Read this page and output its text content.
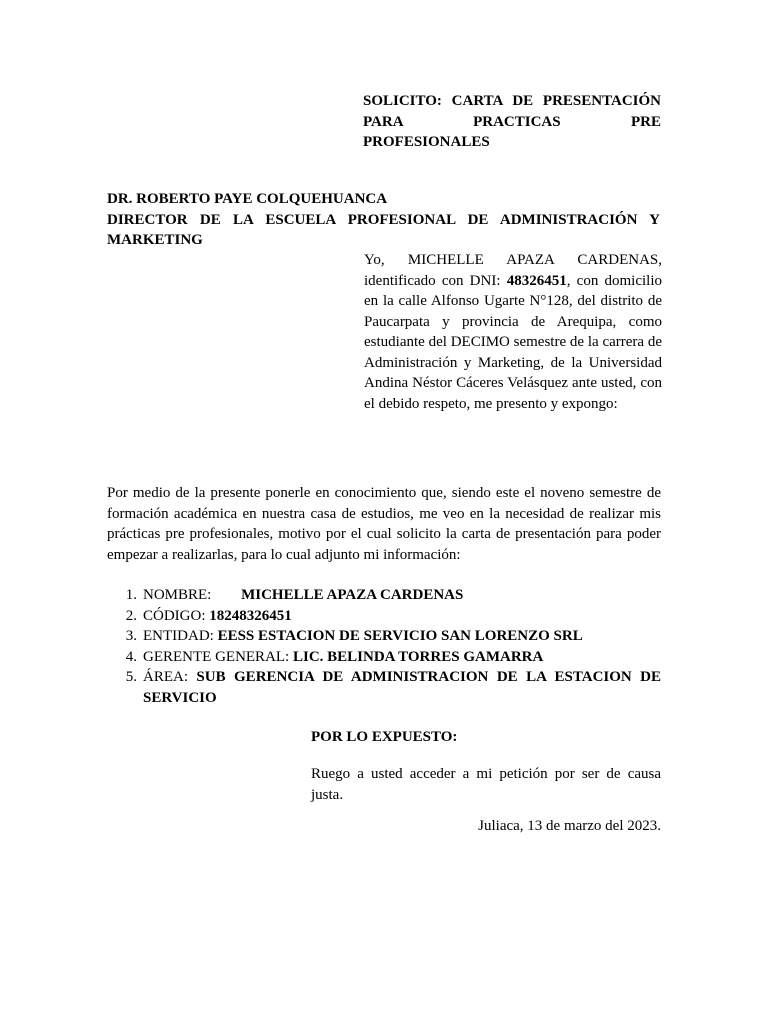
SOLICITO: CARTA DE PRESENTACIÓN PARA PRACTICAS PRE
PROFESIONALES
DR. ROBERTO PAYE COLQUEHUANCA
DIRECTOR DE LA ESCUELA PROFESIONAL DE ADMINISTRACIÓN Y MARKETING
Yo, MICHELLE APAZA CARDENAS, identificado con DNI: 48326451, con domicilio en la calle Alfonso Ugarte N°128, del distrito de Paucarpata y provincia de Arequipa, como estudiante del DECIMO semestre de la carrera de Administración y Marketing, de la Universidad Andina Néstor Cáceres Velásquez ante usted, con el debido respeto, me presento y expongo:
Por medio de la presente ponerle en conocimiento que, siendo este el noveno semestre de formación académica en nuestra casa de estudios, me veo en la necesidad de realizar mis prácticas pre profesionales, motivo por el cual solicito la carta de presentación para poder empezar a realizarlas, para lo cual adjunto mi información:
1. NOMBRE: MICHELLE APAZA CARDENAS
2. CÓDIGO: 18248326451
3. ENTIDAD: EESS ESTACION DE SERVICIO SAN LORENZO SRL
4. GERENTE GENERAL: LIC. BELINDA TORRES GAMARRA
5. ÁREA: SUB GERENCIA DE ADMINISTRACION DE LA ESTACION DE SERVICIO
POR LO EXPUESTO:
Ruego a usted acceder a mi petición por ser de causa justa.
Juliaca, 13 de marzo del 2023.
